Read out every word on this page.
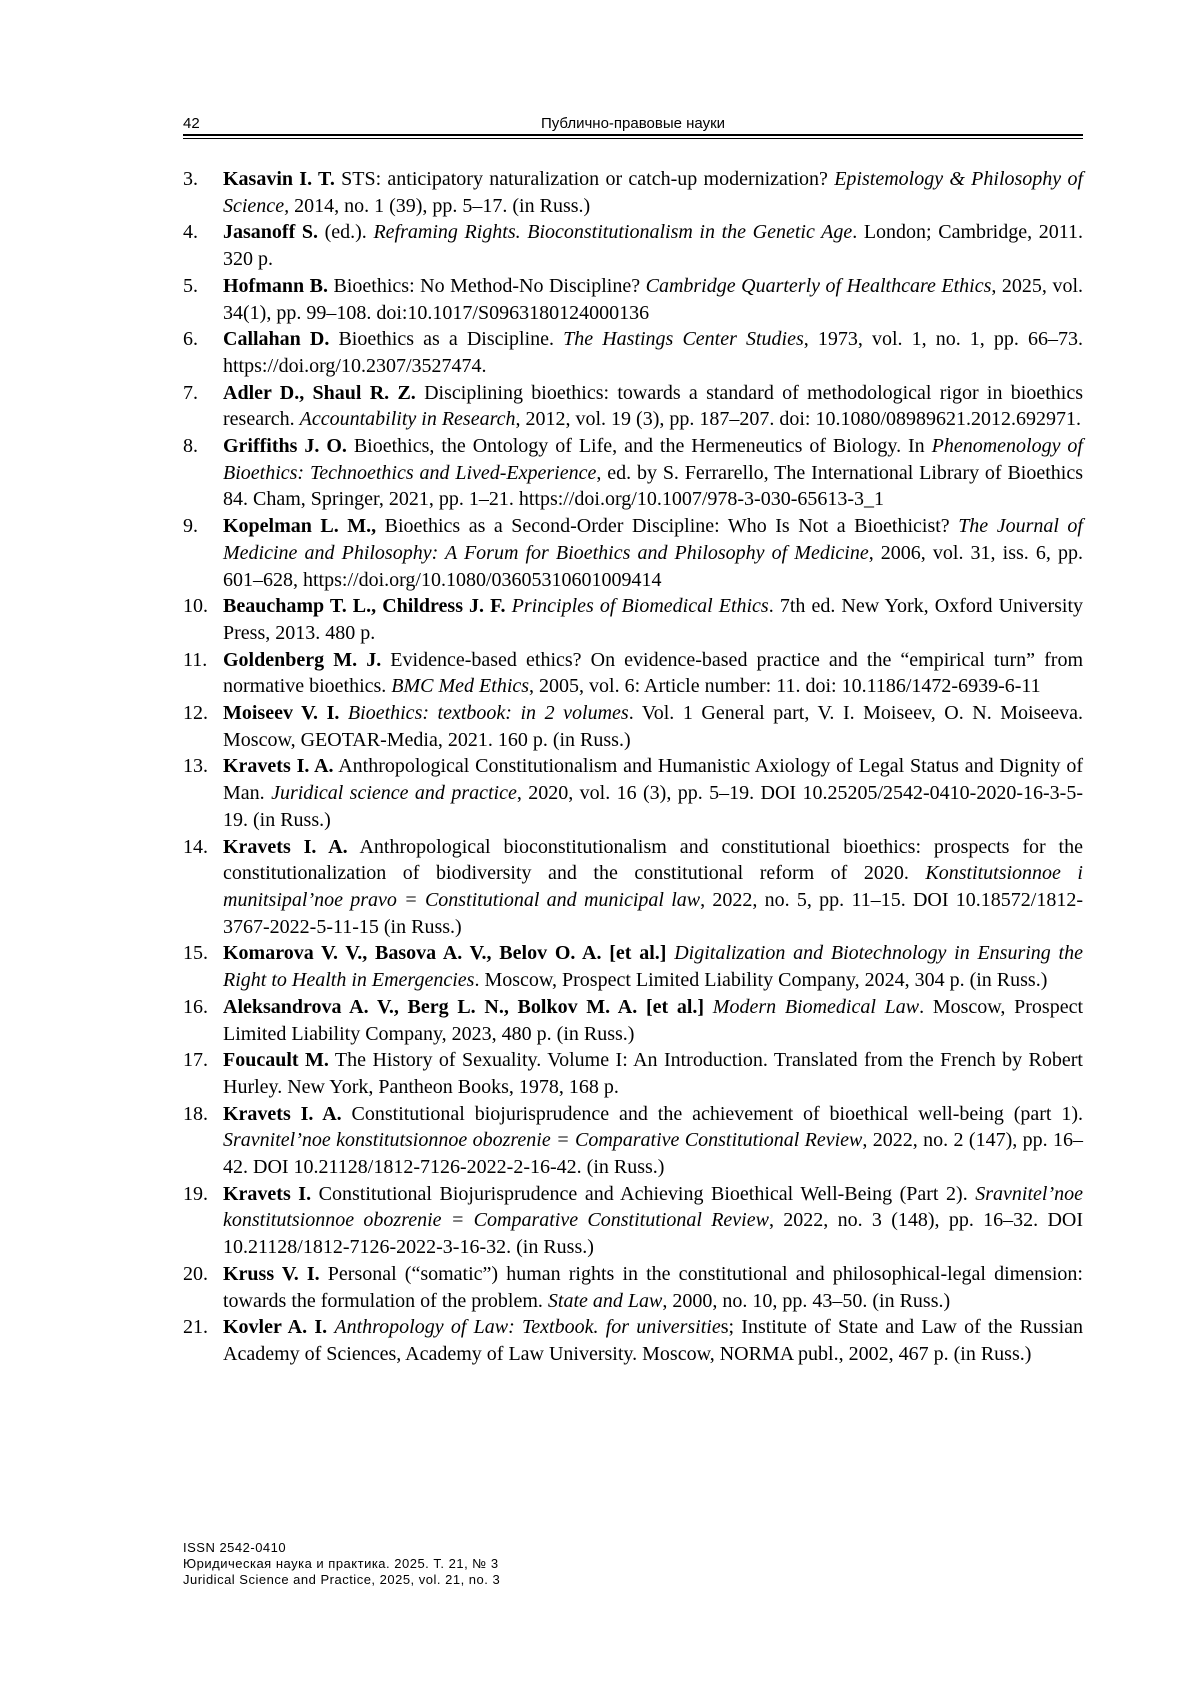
42	Публично-правовые науки
3.	Kasavin I. T. STS: anticipatory naturalization or catch-up modernization? Epistemology & Philosophy of Science, 2014, no. 1 (39), pp. 5–17. (in Russ.)
4.	Jasanoff S. (ed.). Reframing Rights. Bioconstitutionalism in the Genetic Age. London; Cambridge, 2011. 320 p.
5.	Hofmann B. Bioethics: No Method-No Discipline? Cambridge Quarterly of Healthcare Ethics, 2025, vol. 34(1), pp. 99–108. doi:10.1017/S0963180124000136
6.	Callahan D. Bioethics as a Discipline. The Hastings Center Studies, 1973, vol. 1, no. 1, pp. 66–73. https://doi.org/10.2307/3527474.
7.	Adler D., Shaul R. Z. Disciplining bioethics: towards a standard of methodological rigor in bioethics research. Accountability in Research, 2012, vol. 19 (3), pp. 187–207. doi: 10.1080/08989621.2012.692971.
8.	Griffiths J. O. Bioethics, the Ontology of Life, and the Hermeneutics of Biology. In Phenomenology of Bioethics: Technoethics and Lived-Experience, ed. by S. Ferrarello, The International Library of Bioethics 84. Cham, Springer, 2021, pp. 1–21. https://doi.org/10.1007/978-3-030-65613-3_1
9.	Kopelman L. M., Bioethics as a Second-Order Discipline: Who Is Not a Bioethicist? The Journal of Medicine and Philosophy: A Forum for Bioethics and Philosophy of Medicine, 2006, vol. 31, iss. 6, pp. 601–628, https://doi.org/10.1080/03605310601009414
10. Beauchamp T. L., Childress J. F. Principles of Biomedical Ethics. 7th ed. New York, Oxford University Press, 2013. 480 p.
11. Goldenberg M. J. Evidence-based ethics? On evidence-based practice and the “empirical turn” from normative bioethics. BMC Med Ethics, 2005, vol. 6: Article number: 11. doi: 10.1186/1472-6939-6-11
12. Moiseev V. I. Bioethics: textbook: in 2 volumes. Vol. 1 General part, V. I. Moiseev, O. N. Moiseeva. Moscow, GEOTAR-Media, 2021. 160 p. (in Russ.)
13. Kravets I. A. Anthropological Constitutionalism and Humanistic Axiology of Legal Status and Dignity of Man. Juridical science and practice, 2020, vol. 16 (3), pp. 5–19. DOI 10.25205/2542-0410-2020-16-3-5-19. (in Russ.)
14. Kravets I. A. Anthropological bioconstitutionalism and constitutional bioethics: prospects for the constitutionalization of biodiversity and the constitutional reform of 2020. Konstitutsionnoe i munitsipal’noe pravo = Constitutional and municipal law, 2022, no. 5, pp. 11–15. DOI 10.18572/1812-3767-2022-5-11-15 (in Russ.)
15. Komarova V. V., Basova A. V., Belov O. A. [et al.] Digitalization and Biotechnology in Ensuring the Right to Health in Emergencies. Moscow, Prospect Limited Liability Company, 2024, 304 p. (in Russ.)
16. Aleksandrova A. V., Berg L. N., Bolkov M. A. [et al.] Modern Biomedical Law. Moscow, Prospect Limited Liability Company, 2023, 480 p. (in Russ.)
17. Foucault M. The History of Sexuality. Volume I: An Introduction. Translated from the French by Robert Hurley. New York, Pantheon Books, 1978, 168 p.
18. Kravets I. A. Constitutional biojurisprudence and the achievement of bioethical well-being (part 1). Sravnitel’noe konstitutsionnoe obozrenie = Comparative Constitutional Review, 2022, no. 2 (147), pp. 16–42. DOI 10.21128/1812-7126-2022-2-16-42. (in Russ.)
19. Kravets I. Constitutional Biojurisprudence and Achieving Bioethical Well-Being (Part 2). Sravnitel’noe konstitutsionnoe obozrenie = Comparative Constitutional Review, 2022, no. 3 (148), pp. 16–32. DOI 10.21128/1812-7126-2022-3-16-32. (in Russ.)
20. Kruss V. I. Personal (“somatic”) human rights in the constitutional and philosophical-legal dimension: towards the formulation of the problem. State and Law, 2000, no. 10, pp. 43–50. (in Russ.)
21. Kovler A. I. Anthropology of Law: Textbook. for universities; Institute of State and Law of the Russian Academy of Sciences, Academy of Law University. Moscow, NORMA publ., 2002, 467 p. (in Russ.)
ISSN 2542-0410
Юридическая наука и практика. 2025. Т. 21, № 3
Juridical Science and Practice, 2025, vol. 21, no. 3
